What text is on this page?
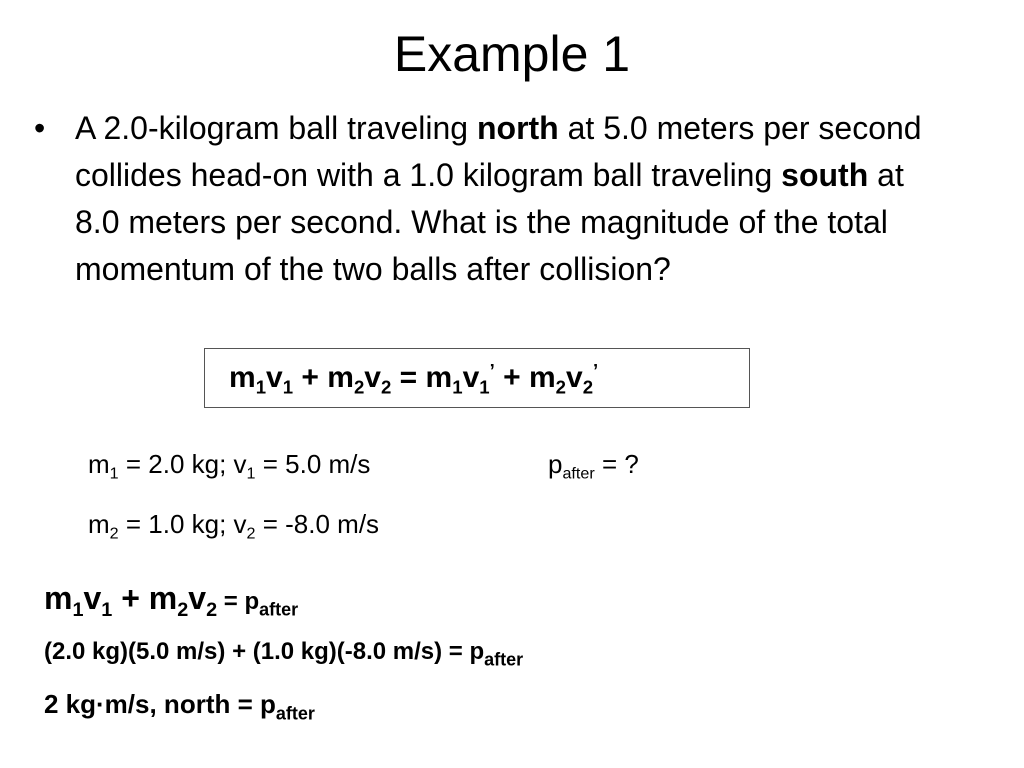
Example 1
• A 2.0-kilogram ball traveling north at 5.0 meters per second collides head-on with a 1.0 kilogram ball traveling south at 8.0 meters per second. What is the magnitude of the total momentum of the two balls after collision?
$m_1v_1 + m_2v_2 = m_1v_1^’ + m_2v_2^’$
$m_1 = 2.0$ kg; $v_1 = 5.0$ m/s	$p_{after}$ = ?
$m_2 = 1.0$ kg; $v_2 = -8.0$ m/s
$m_1v_1 + m_2v_2 = p_{after}$
(2.0 kg)(5.0 m/s) + (1.0 kg)(-8.0 $m/s) = p_{after}$
2 kg·m/s, north = $p_{after}$
